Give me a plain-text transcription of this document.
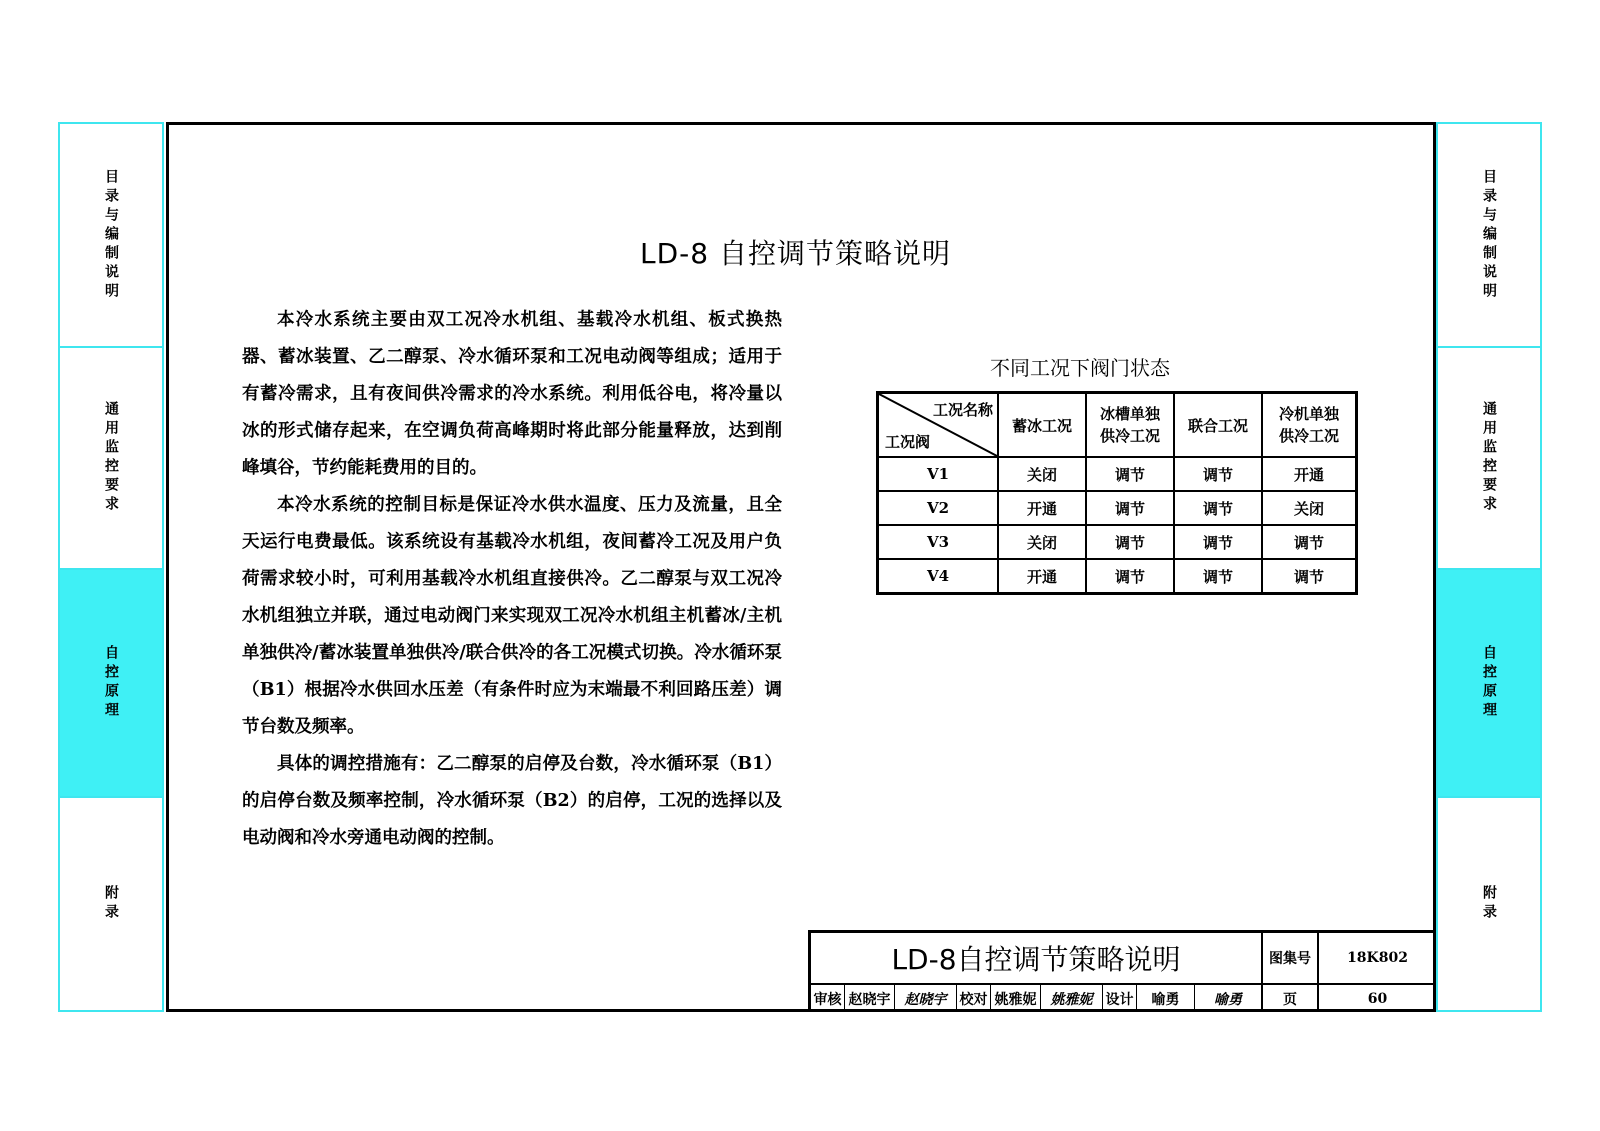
目录与编制说明
通用监控要求
自控原理
附录
目录与编制说明
通用监控要求
自控原理
附录
LD-8 自控调节策略说明

本冷水系统主要由双工况冷水机组、基载冷水机组、板式换热器、蓄冰装置、乙二醇泵、冷水循环泵和工况电动阀等组成；适用于有蓄冷需求，且有夜间供冷需求的冷水系统。利用低谷电，将冷量以冰的形式储存起来，在空调负荷高峰期时将此部分能量释放，达到削峰填谷，节约能耗费用的目的。

本冷水系统的控制目标是保证冷水供水温度、压力及流量，且全天运行电费最低。该系统设有基载冷水机组，夜间蓄冷工况及用户负荷需求较小时，可利用基载冷水机组直接供冷。乙二醇泵与双工况冷水机组独立并联，通过电动阀门来实现双工况冷水机组主机蓄冰/主机单独供冷/蓄冰装置单独供冷/联合供冷的各工况模式切换。冷水循环泵（B1）根据冷水供回水压差（有条件时应为末端最不利回路压差）调节台数及频率。

具体的调控措施有：乙二醇泵的启停及台数，冷水循环泵（B1）的启停台数及频率控制，冷水循环泵（B2）的启停，工况的选择以及电动阀和冷水旁通电动阀的控制。

不同工况下阀门状态
工况名称
工况阀	蓄冰工况	冰槽单独供冷工况	联合工况	冷机单独供冷工况
V1	关闭	调节	调节	开通
V2	开通	调节	调节	关闭
V3	关闭	调节	调节	调节
V4	开通	调节	调节	调节
LD-8自控调节策略说明	图集号	18K802
审核 赵晓宇	赵晓宇 校对 姚雅妮	姚雅妮 设计	喻勇	喻勇	页	60
